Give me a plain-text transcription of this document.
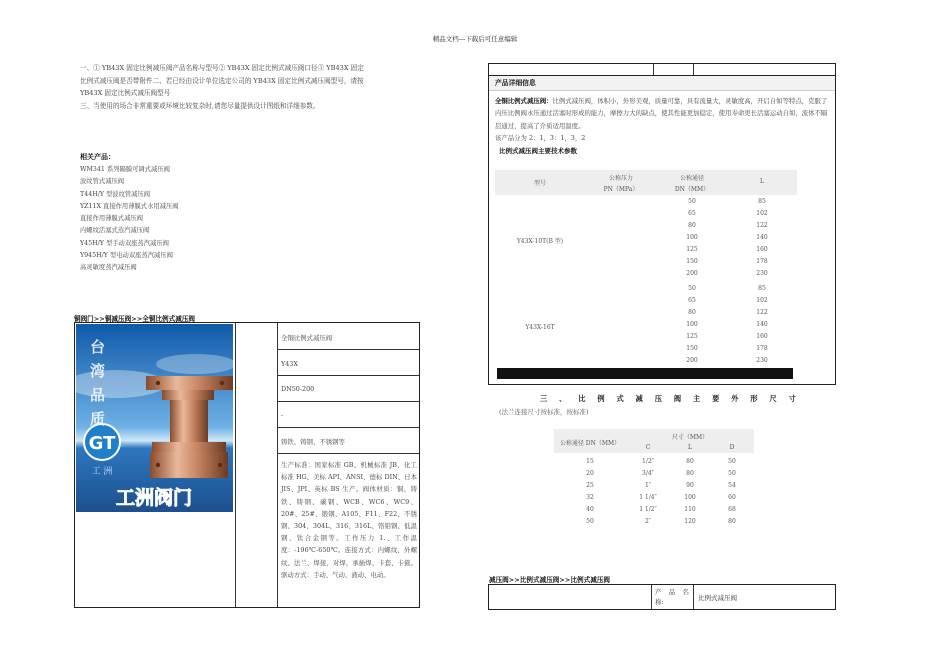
精品文档---下载后可任意编辑

一、① YB43X 固定比例减压阀产品名称与型号② YB43X 固定比例式减压阀口径③ YB43X 固定

比例式减压阀是否带附件二、若已经由设计单位选定公司的 YB43X 固定比例式减压阀型号，请按

YB43X 固定比例式减压阀型号

三、当使用的场合非常重要或环境比较复杂时,请您尽量提供设计图纸和详细参数。

相关产品：
WM341 系列隔膜可调式减压阀
波纹管式减压阀
T44H/Y 型波纹管减压阀
YZ11X 直接作用薄膜式水用减压阀
直接作用薄膜式减压阀
内螺纹活塞式蒸汽减压阀
Y45H/Y 型手动双座蒸汽减压阀
Y945H/Y 型电动双座蒸汽减压阀
高灵敏度蒸汽减压阀
铜阀门>>铜减压阀>>全铜比例式减压阀
全铜比例式减压阀
Y43X
DN50-200
-
铸铁、铸钢、不锈钢等
生产标准：国家标准 GB、机械标准 JB、化工标准 HG、美标 API、ANSI、德标 DIN、日本 JIS、JPI、英标 BS 生产。阀体材质：铜、铸铁、铸钢、碳钢、WCB、WC6、WC9、20#、25#、锻钢、A105、F11、F22、不锈钢、304、304L、316、316L、铬钼钢、低温钢、钛合金钢等。工作压力 1.、工作温度：-196℃-650℃。连接方式：内螺纹、外螺纹、法兰、焊接、对焊、承插焊、卡套、卡箍。驱动方式：手动、气动、液动、电动。
GT
工 洲
台
湾
品
质
工洲阀门
产品详细信息
全铜比例式减压阀：比例式减压阀，体积小，外形美观，质量可靠，具有流量大，灵敏度高，开启自如等特点，克服了内压比例阀水压通过活塞时形成的能力，摩擦力大的缺点，使其性能更加稳定，使用寿命更长活塞运动自如，流体不隔层通过，提高了介质适用温度。
该产品分为 2：1，3：1，3，2
比例式减压阀主要技术参数
型号
公称压力
PN（MPa）
公称通径
DN（MM）
L
Y43X-10T(B 型)
50	85
65	102
80	122
100	140
125	160
150	178
200	230
Y43X-16T
50	85
65	102
80	122
100	140
125	160
150	178
200	230
三 、 比 例 式 减 压 阀 主 要 外 形 尺 寸
(法兰连接尺寸按标准，按标准)
公称通径 DN（MM）
尺寸（MM）
C	L	D
15	1/2″	80	50
20	3/4″	80	50
25	1″	90	54
32	1 1/4″	100	60
40	1 1/2″	110	68
50	2″	120	80
减压阀>>比例式减压阀>>比例式减压阀
产 品 名 称:	比例式减压阀
